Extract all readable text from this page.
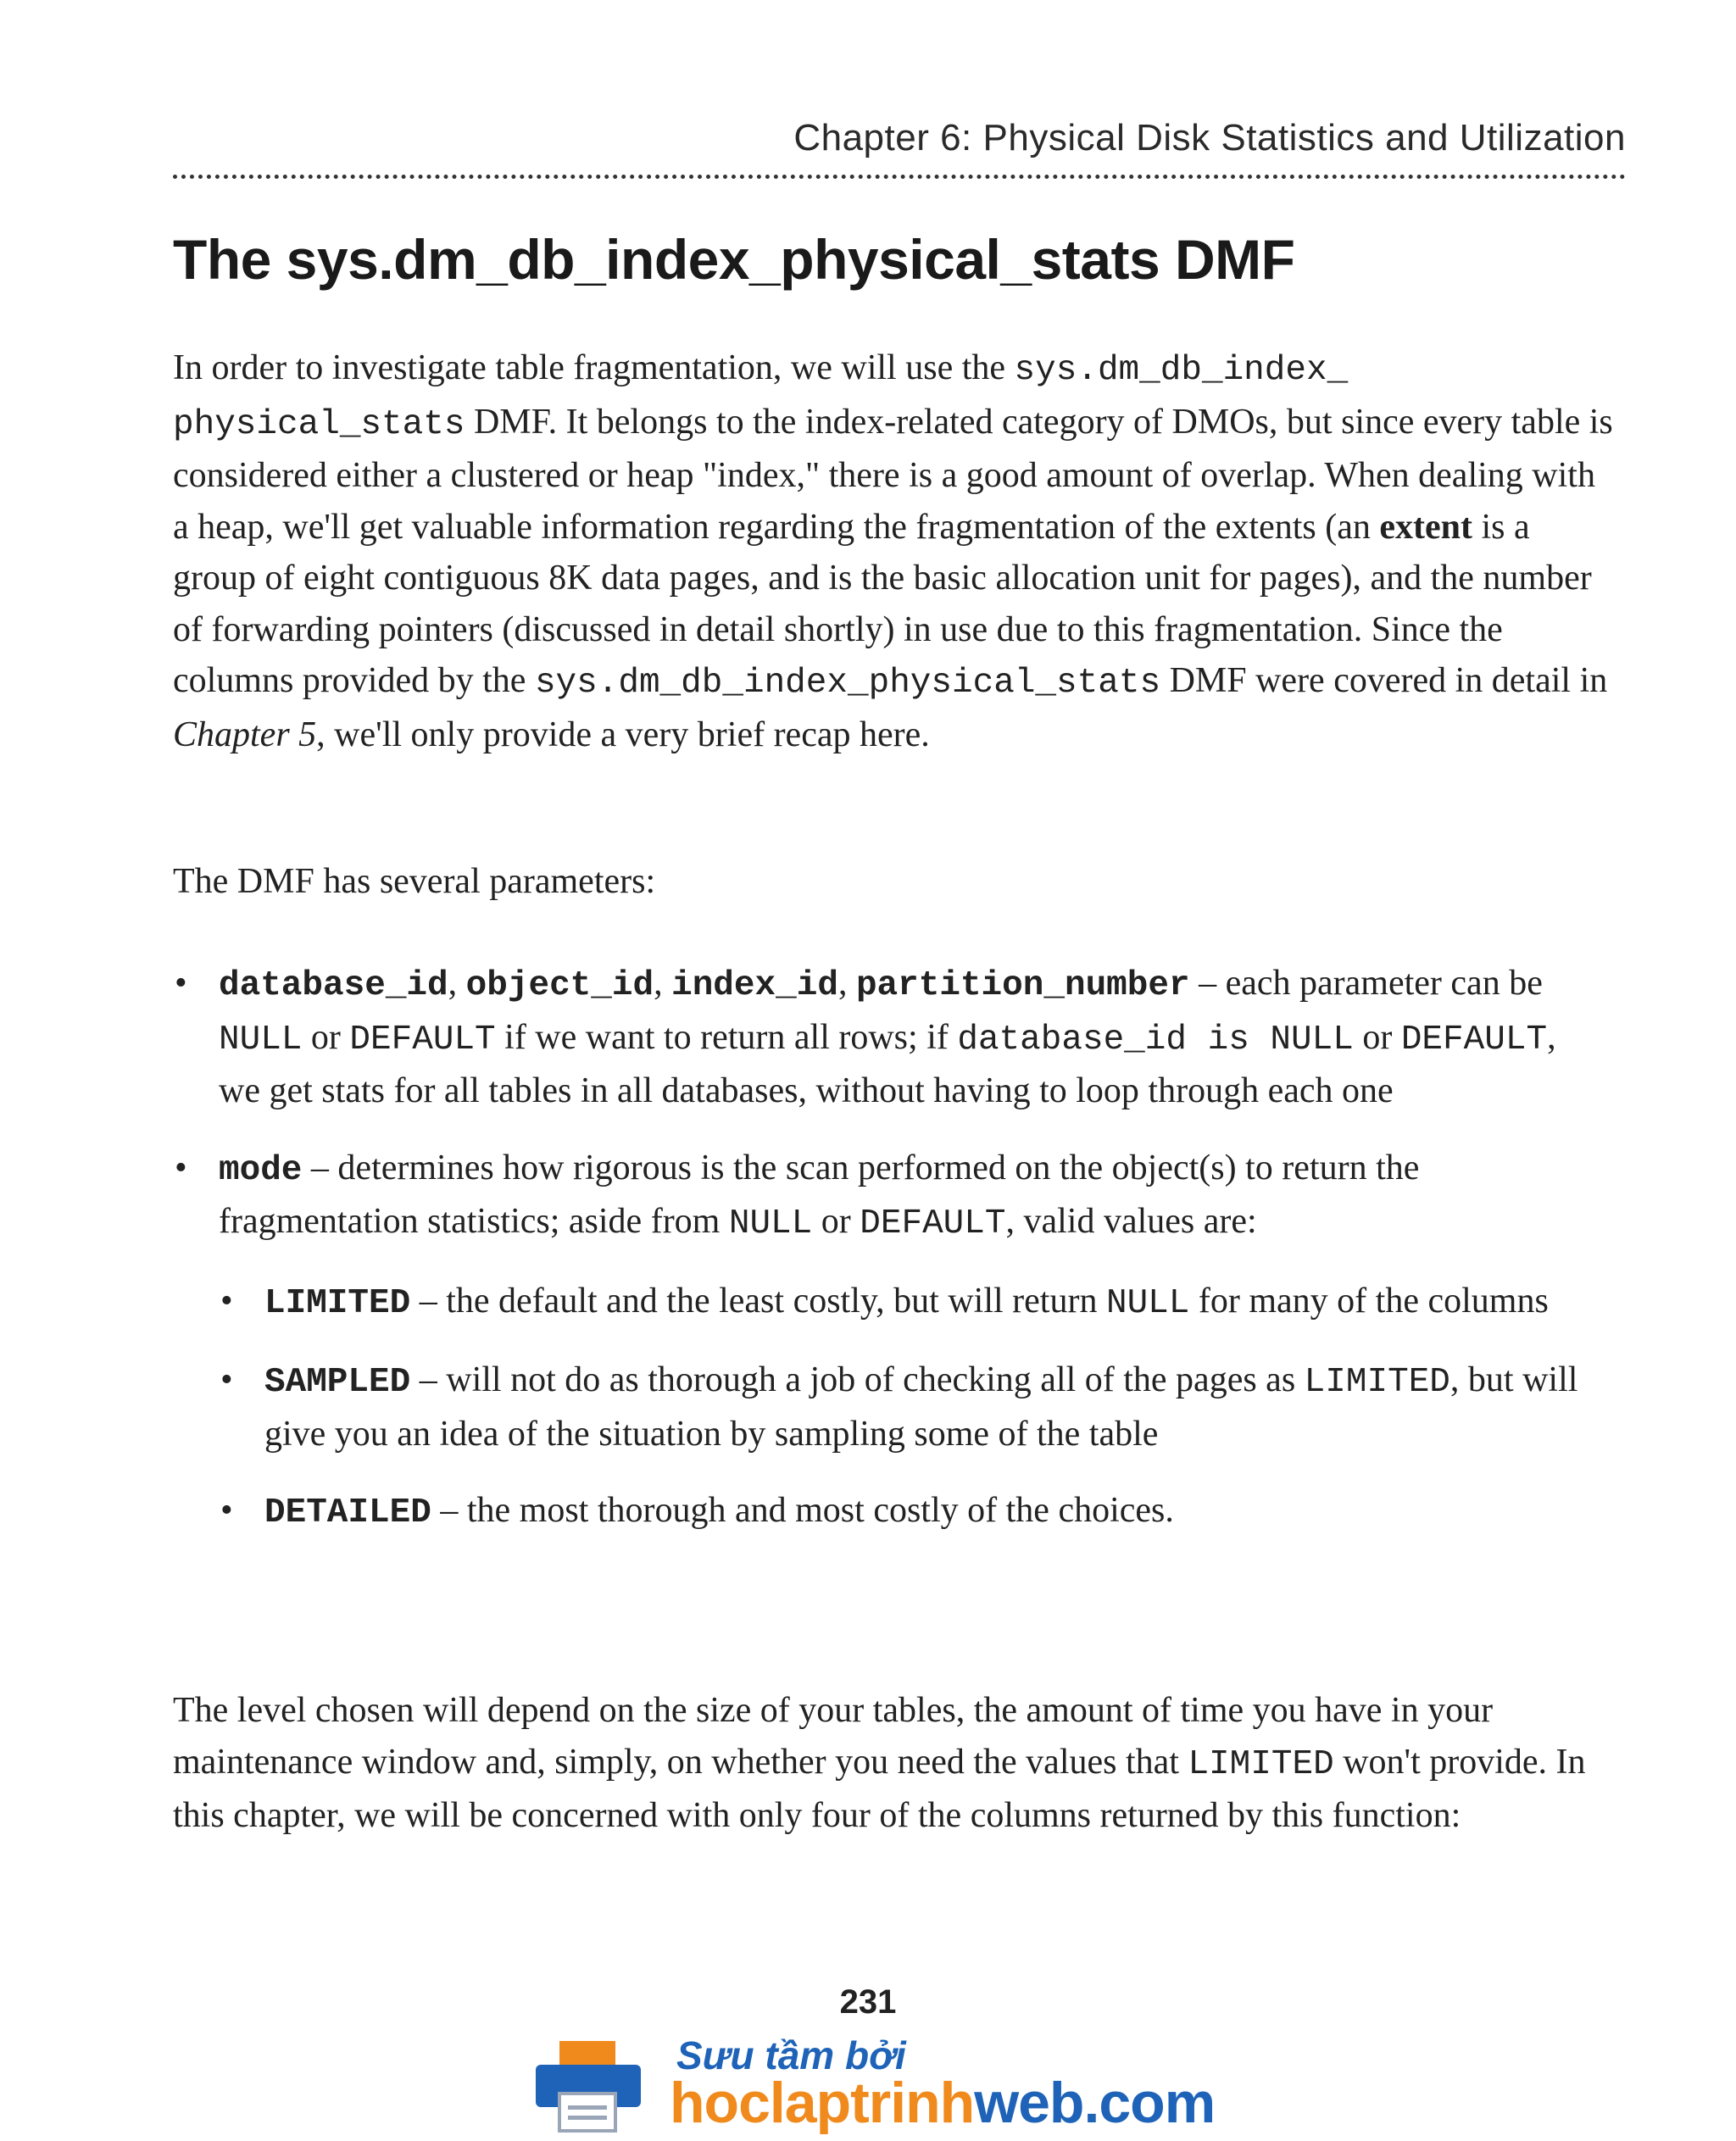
Chapter 6: Physical Disk Statistics and Utilization
The sys.dm_db_index_physical_stats DMF

In order to investigate table fragmentation, we will use the sys.dm_db_index_ physical_stats DMF. It belongs to the index-related category of DMOs, but since every table is considered either a clustered or heap "index," there is a good amount of overlap. When dealing with a heap, we'll get valuable information regarding the fragmentation of the extents (an extent is a group of eight contiguous 8K data pages, and is the basic allocation unit for pages), and the number of forwarding pointers (discussed in detail shortly) in use due to this fragmentation. Since the columns provided by the sys.dm_db_index_physical_stats DMF were covered in detail in Chapter 5, we'll only provide a very brief recap here.

The DMF has several parameters:
• database_id, object_id, index_id, partition_number – each parameter can be NULL or DEFAULT if we want to return all rows; if database_id is NULL or DEFAULT, we get stats for all tables in all databases, without having to loop through each one
• mode – determines how rigorous is the scan performed on the object(s) to return the fragmentation statistics; aside from NULL or DEFAULT, valid values are:
• LIMITED – the default and the least costly, but will return NULL for many of the columns
• SAMPLED – will not do as thorough a job of checking all of the pages as LIMITED, but will give you an idea of the situation by sampling some of the table
• DETAILED – the most thorough and most costly of the choices.

The level chosen will depend on the size of your tables, the amount of time you have in your maintenance window and, simply, on whether you need the values that LIMITED won't provide. In this chapter, we will be concerned with only four of the columns returned by this function:

231
Sưu tầm bởi
hoclaptrinhweb.com
